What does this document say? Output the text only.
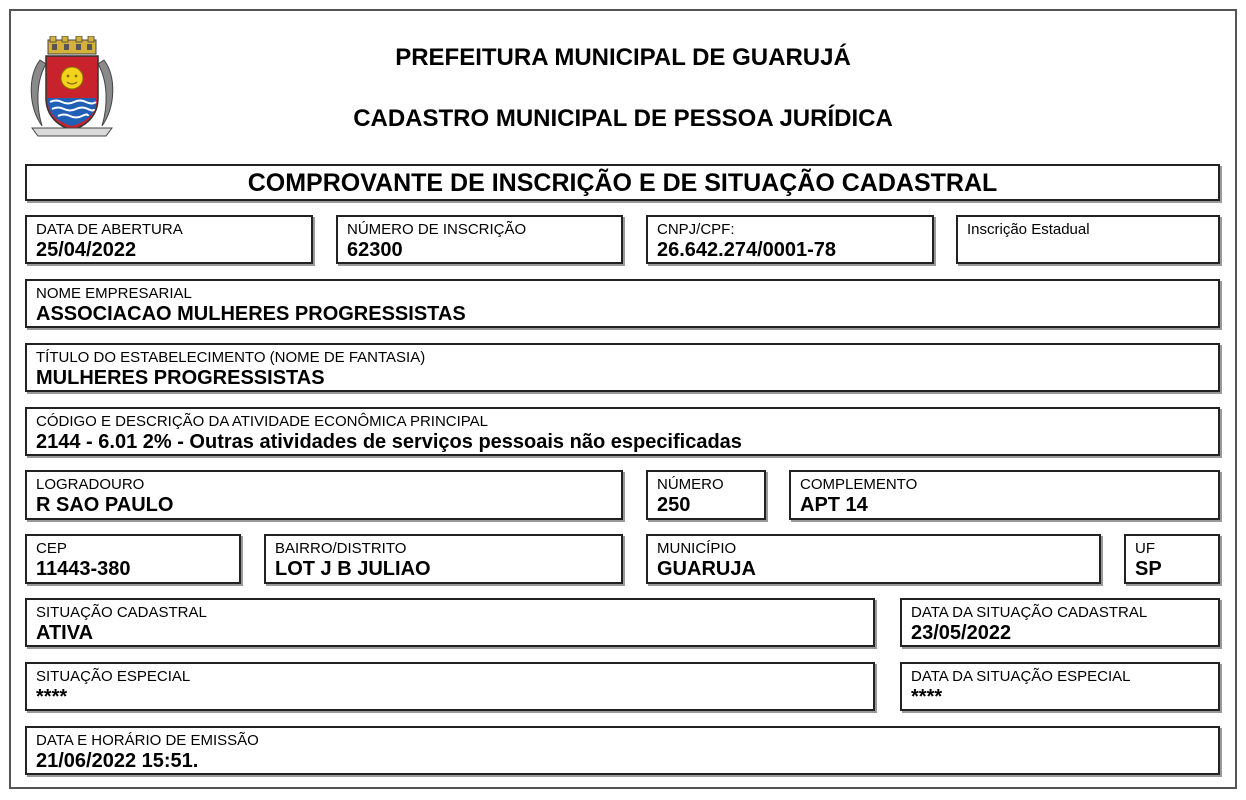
PREFEITURA MUNICIPAL DE GUARUJÁ
CADASTRO MUNICIPAL DE PESSOA JURÍDICA
COMPROVANTE DE INSCRIÇÃO E DE SITUAÇÃO CADASTRAL
DATA DE ABERTURA
25/04/2022
NÚMERO DE INSCRIÇÃO
62300
CNPJ/CPF:
26.642.274/0001-78
Inscrição Estadual
NOME EMPRESARIAL
ASSOCIACAO MULHERES PROGRESSISTAS
TÍTULO DO ESTABELECIMENTO (NOME DE FANTASIA)
MULHERES PROGRESSISTAS
CÓDIGO E DESCRIÇÃO DA ATIVIDADE ECONÔMICA PRINCIPAL
2144 - 6.01 2% - Outras atividades de serviços pessoais não especificadas
LOGRADOURO
R SAO PAULO
NÚMERO
250
COMPLEMENTO
APT 14
CEP
11443-380
BAIRRO/DISTRITO
LOT J B JULIAO
MUNICÍPIO
GUARUJA
UF
SP
SITUAÇÃO CADASTRAL
ATIVA
DATA DA SITUAÇÃO CADASTRAL
23/05/2022
SITUAÇÃO ESPECIAL
****
DATA DA SITUAÇÃO ESPECIAL
****
DATA E HORÁRIO DE EMISSÃO
21/06/2022 15:51.
